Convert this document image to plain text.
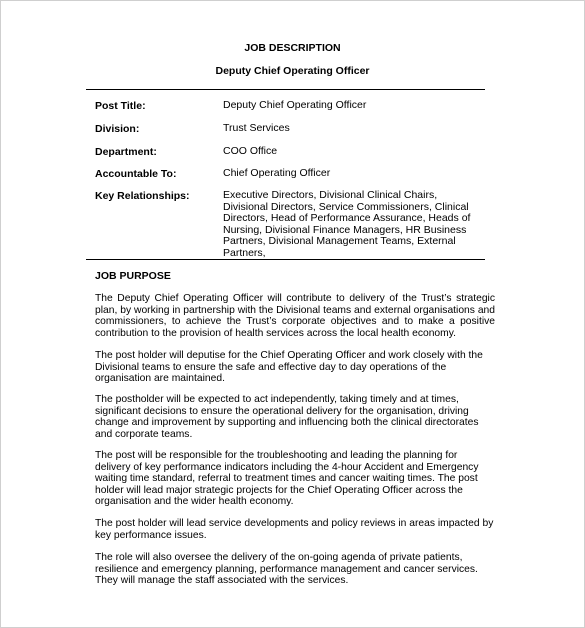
JOB DESCRIPTION
Deputy Chief Operating Officer
Post Title:	Deputy Chief Operating Officer
Division:	Trust Services
Department:	COO Office
Accountable To:	Chief Operating Officer
Key Relationships:	Executive Directors, Divisional Clinical Chairs, Divisional Directors, Service Commissioners, Clinical Directors, Head of Performance Assurance, Heads of Nursing, Divisional Finance Managers, HR Business Partners, Divisional Management Teams, External Partners,
JOB PURPOSE
The Deputy Chief Operating Officer will contribute to delivery of the Trust’s strategic plan, by working in partnership with the Divisional teams and external organisations and commissioners, to achieve the Trust’s corporate objectives and to make a positive contribution to the provision of health services across the local health economy.
The post holder will deputise for the Chief Operating Officer and work closely with the Divisional teams to ensure the safe and effective day to day operations of the organisation are maintained.
The postholder will be expected to act independently, taking timely and at times, significant decisions to ensure the operational delivery for the organisation, driving change and improvement by supporting and influencing both the clinical directorates and corporate teams.
The post will be responsible for the troubleshooting and leading the planning for delivery of key performance indicators including the 4-hour Accident and Emergency waiting time standard, referral to treatment times and cancer waiting times. The post holder will lead major strategic projects for the Chief Operating Officer across the organisation and the wider health economy.
The post holder will lead service developments and policy reviews in areas impacted by key performance issues.
The role will also oversee the delivery of the on-going agenda of private patients, resilience and emergency planning, performance management and cancer services. They will manage the staff associated with the services.
